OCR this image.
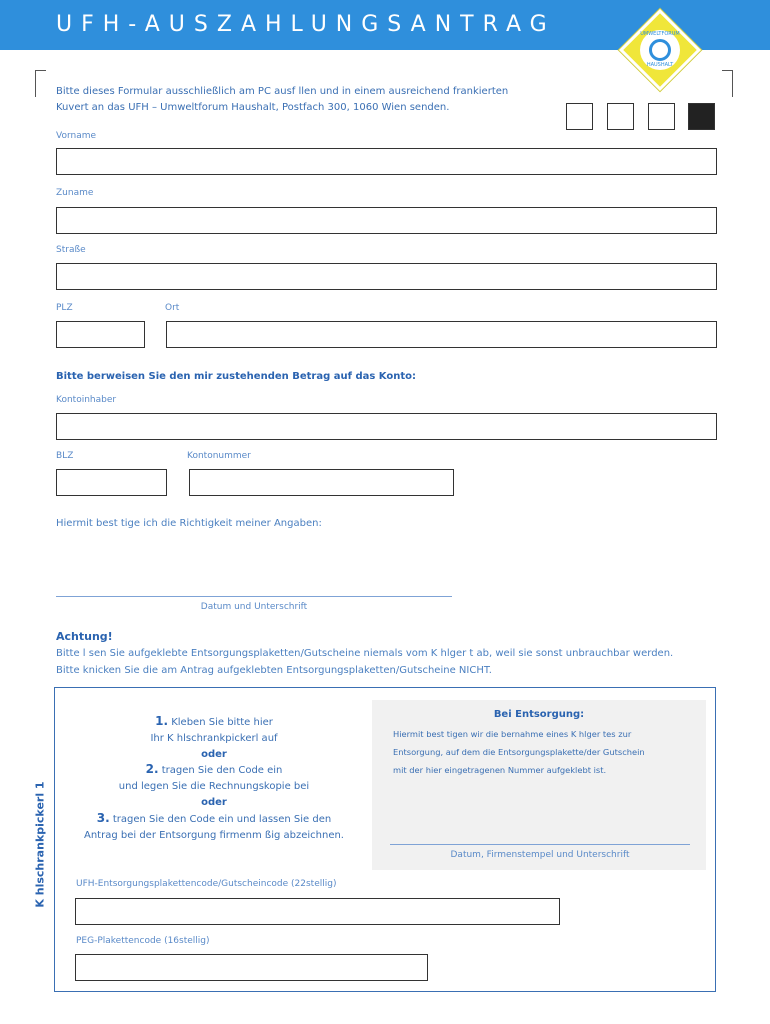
UFH-AUSZAHLUNGSANTRAG	UMWELTFORUM
HAUSHALT
Bitte dieses Formular ausschließlich am PC ausf llen und in einem ausreichend frankierten
Kuvert an das UFH – Umweltforum Haushalt, Postfach 300, 1060 Wien senden.
Vorname
Zuname
Straße
PLZ	Ort
Bitte berweisen Sie den mir zustehenden Betrag auf das Konto:
Kontoinhaber
BLZ	Kontonummer
Hiermit best tige ich die Richtigkeit meiner Angaben:
Datum und Unterschrift
Achtung!
Bitte l sen Sie aufgeklebte Entsorgungsplaketten/Gutscheine niemals vom K hlger t ab, weil sie sonst unbrauchbar werden.
Bitte knicken Sie die am Antrag aufgeklebten Entsorgungsplaketten/Gutscheine NICHT.
K hlschrankpickerl 1
1. Kleben Sie bitte hier
Ihr K hlschrankpickerl auf
oder
2. tragen Sie den Code ein
und legen Sie die Rechnungskopie bei
oder
3. tragen Sie den Code ein und lassen Sie den
Antrag bei der Entsorgung firmenm ßig abzeichnen.
Bei Entsorgung:
Hiermit best tigen wir die bernahme eines K hlger tes zur
Entsorgung, auf dem die Entsorgungsplakette/der Gutschein
mit der hier eingetragenen Nummer aufgeklebt ist.
Datum, Firmenstempel und Unterschrift
UFH-Entsorgungsplakettencode/Gutscheincode (22stellig)
PEG-Plakettencode (16stellig)
